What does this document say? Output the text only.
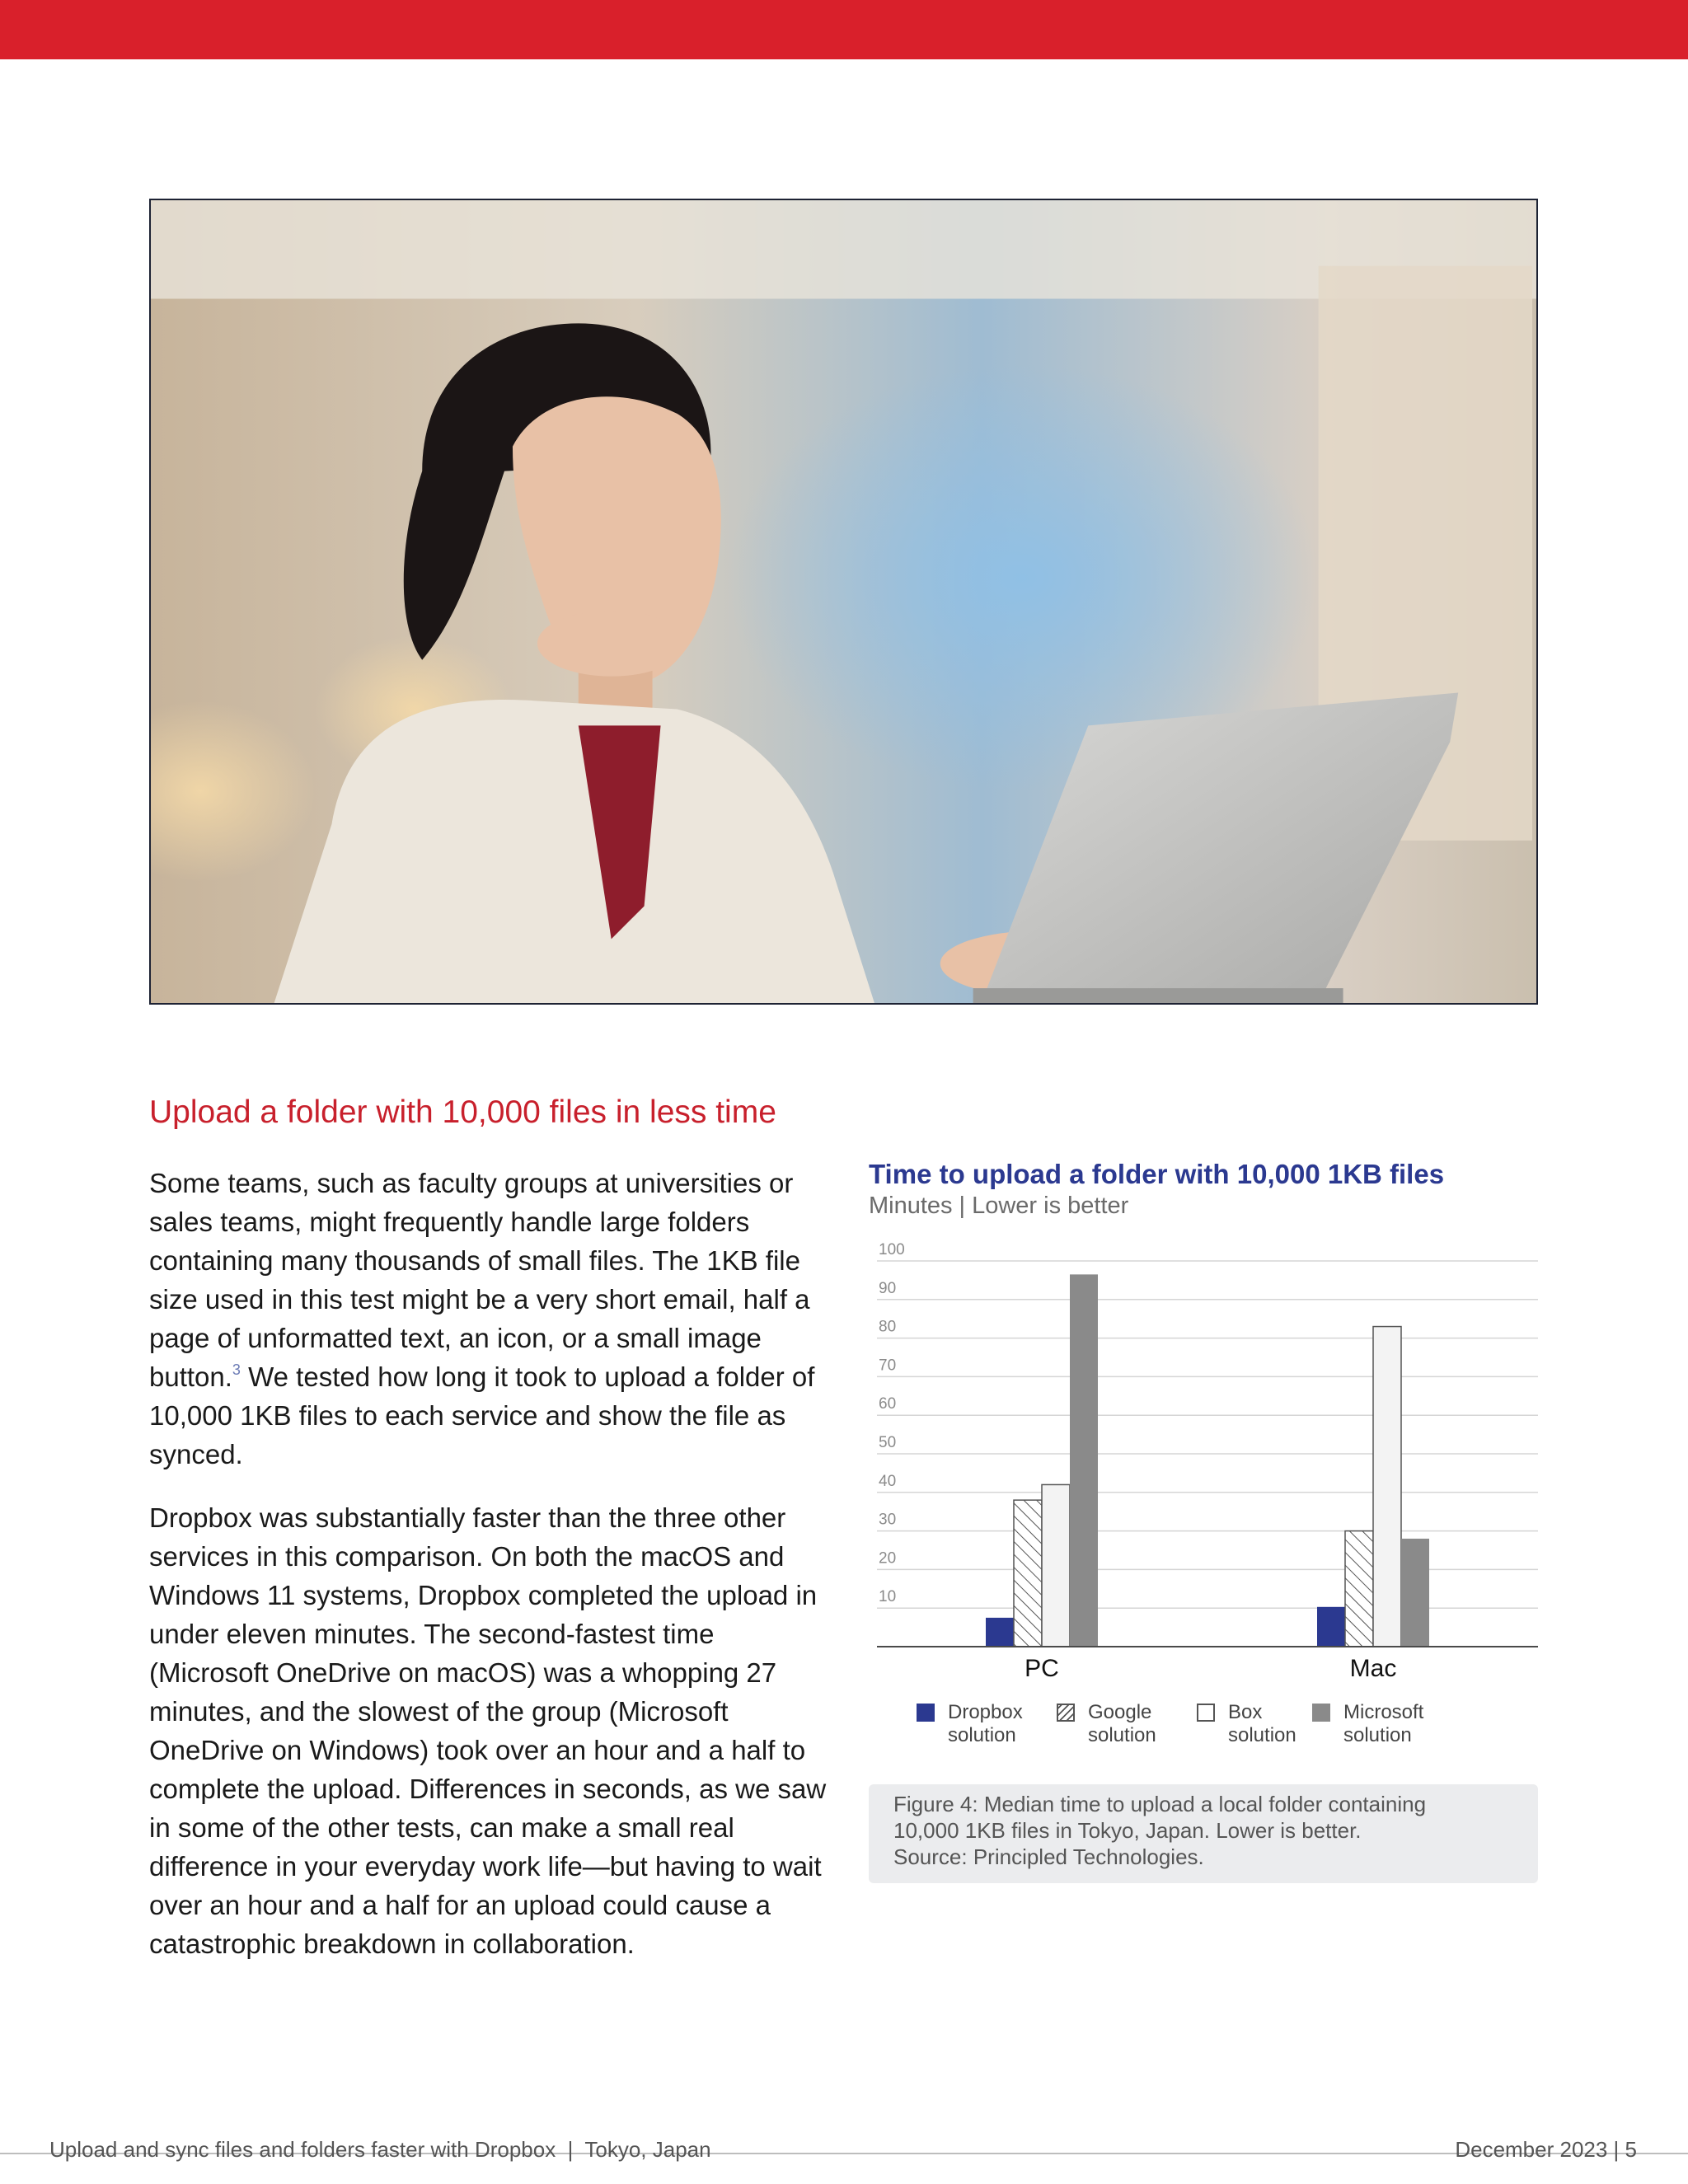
Upload a folder with 10,000 files in less time

Some teams, such as faculty groups at universities or sales teams, might frequently handle large folders containing many thousands of small files. The 1KB file size used in this test might be a very short email, half a page of unformatted text, an icon, or a small image button.$^3$ We tested how long it took to upload a folder of 10,000 1KB files to each service and show the file as synced.

Dropbox was substantially faster than the three other services in this comparison. On both the macOS and Windows 11 systems, Dropbox completed the upload in under eleven minutes. The second-fastest time (Microsoft OneDrive on macOS) was a whopping 27 minutes, and the slowest of the group (Microsoft OneDrive on Windows) took over an hour and a half to complete the upload. Differences in seconds, as we saw in some of the other tests, can make a small real difference in your everyday work life—but having to wait over an hour and a half for an upload could cause a catastrophic breakdown in collaboration.

Time to upload a folder with 10,000 1KB files
Minutes | Lower is better
10
20
30
40
50
60
70
80
90
100
PC	Mac
Dropbox
solution
Google
solution
Box
solution
Microsoft
solution

Figure 4: Median time to upload a local folder containing

10,000 1KB files in Tokyo, Japan. Lower is better.

Source: Principled Technologies.

Upload and sync files and folders faster with Dropbox  |  Tokyo, Japan	December 2023 | 5
